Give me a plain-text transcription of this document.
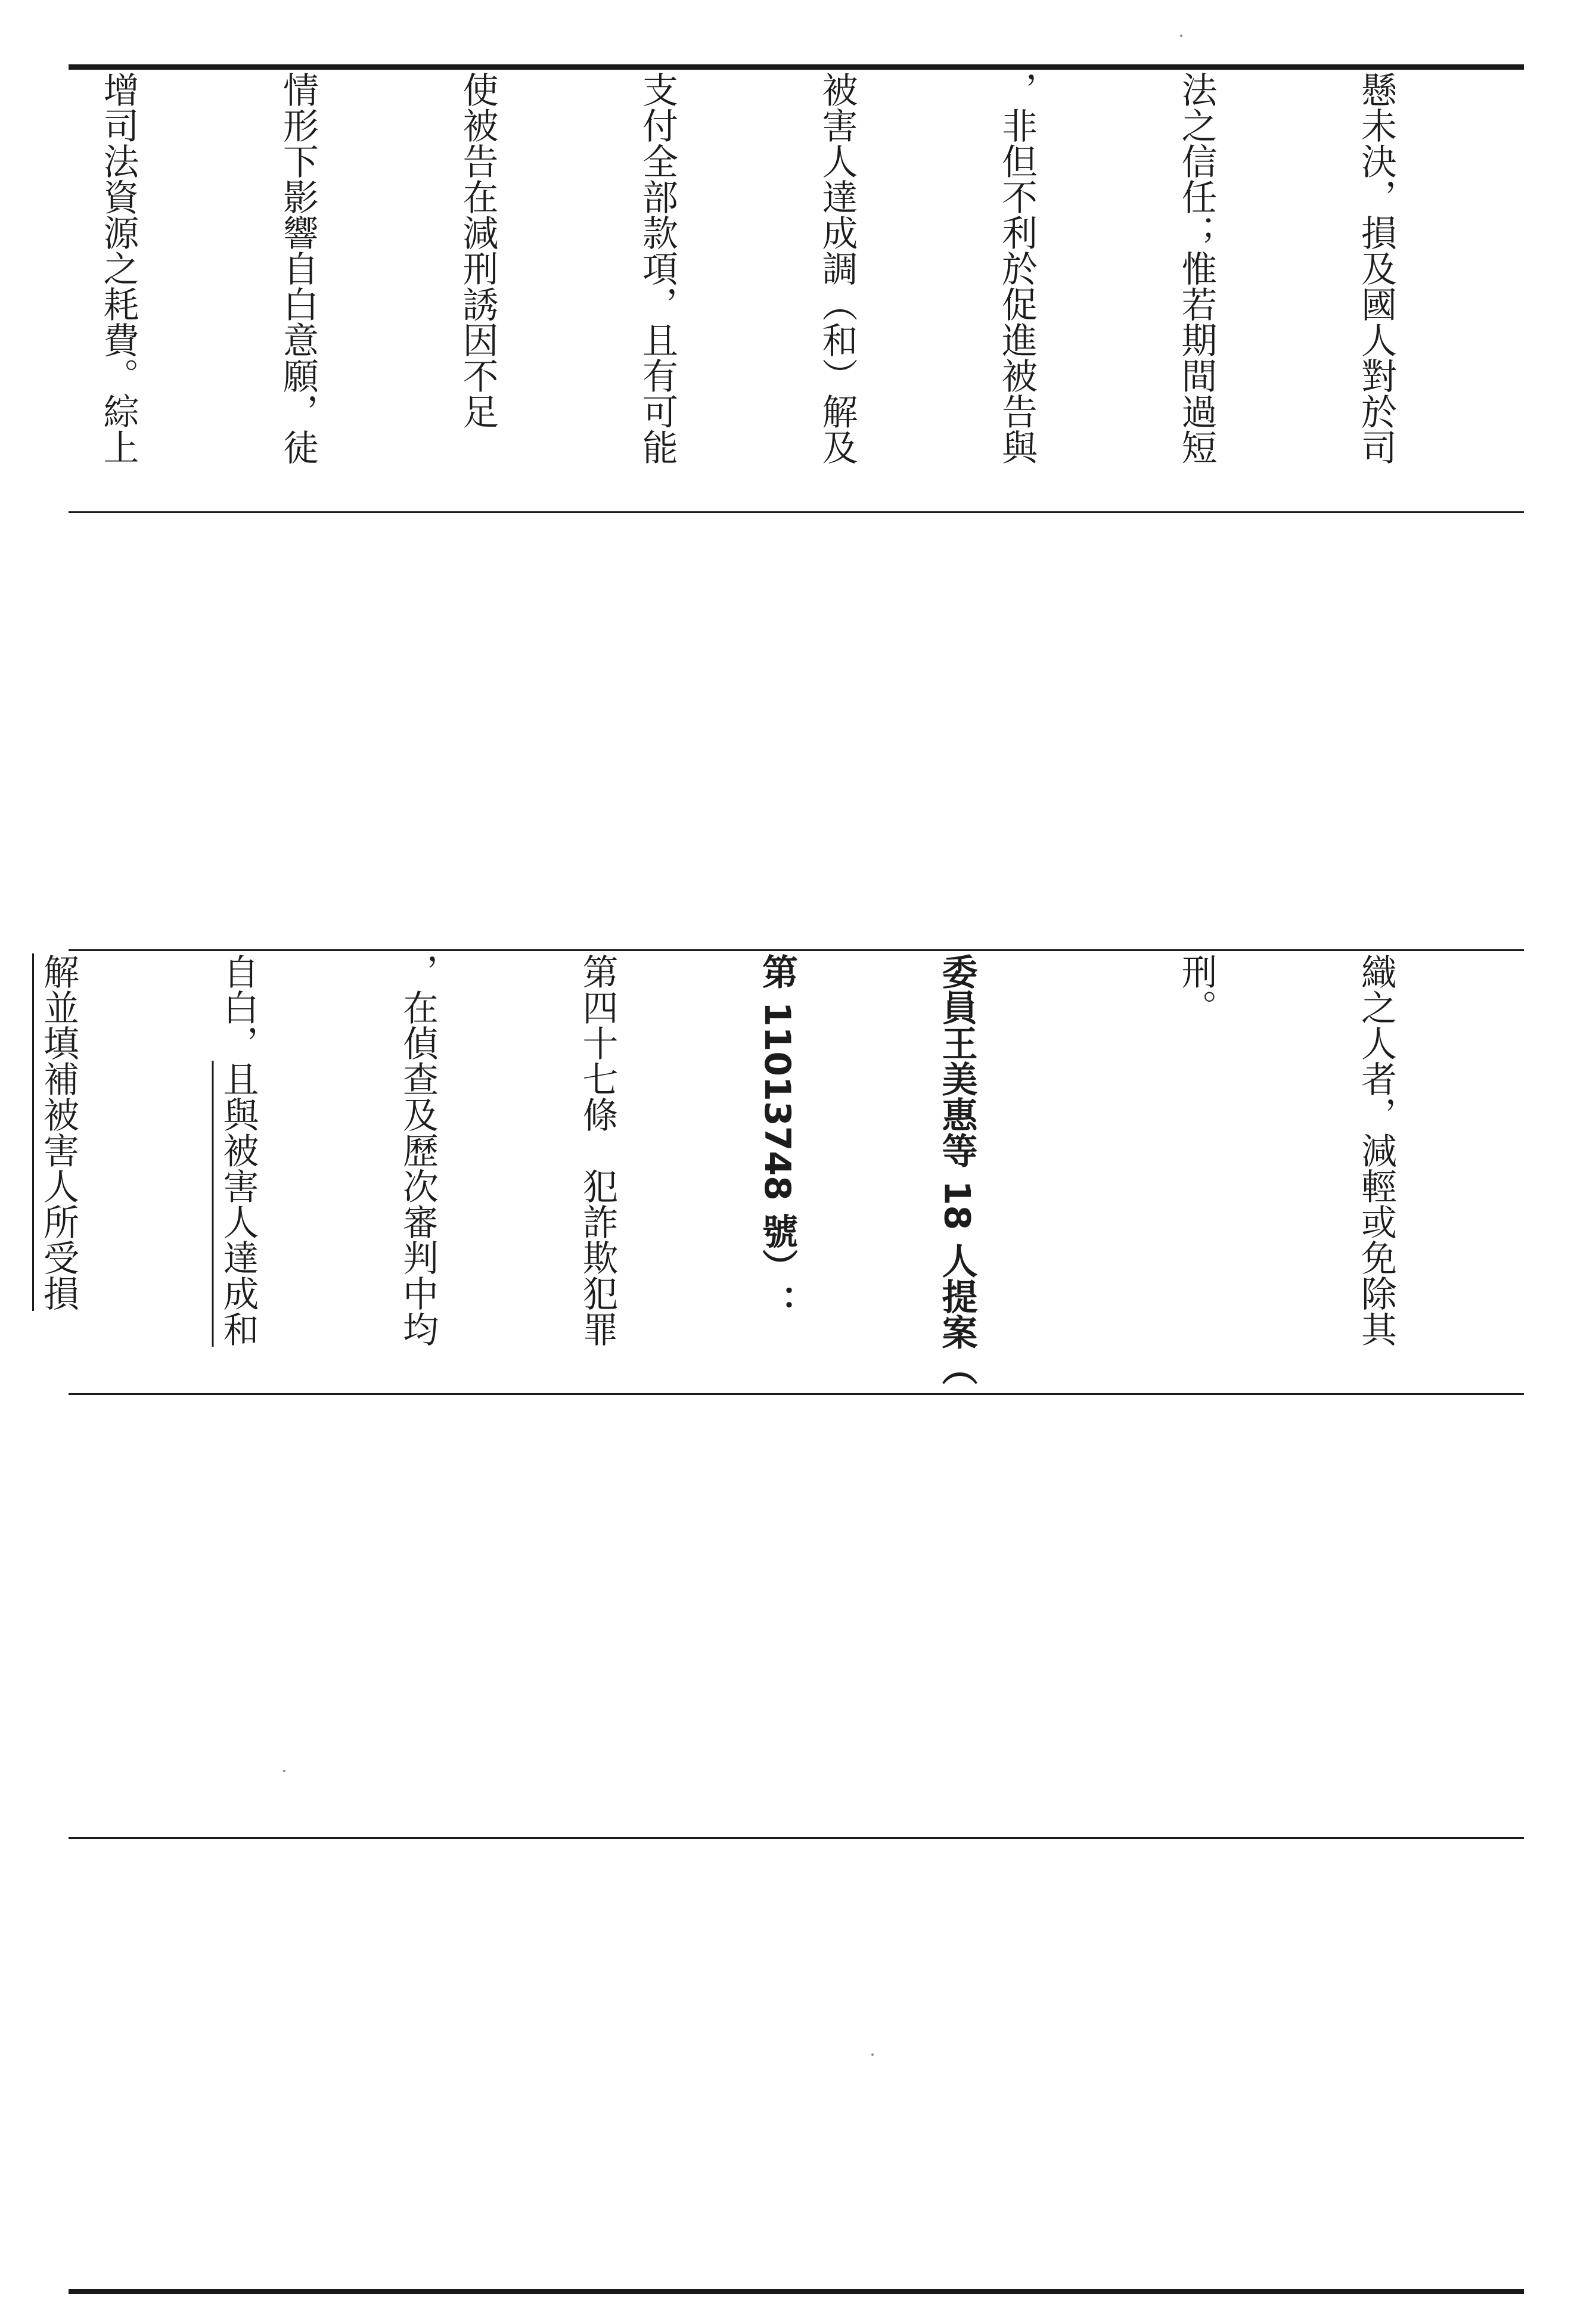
懸未決，損及國人對於司

法之信任；惟若期間過短

，非但不利於促進被告與

被害人達成調（和）解及

支付全部款項，且有可能

使被告在減刑誘因不足

情形下影響自白意願，徒

增司法資源之耗費。綜上

織之人者，減輕或免除其

刑。

委員王美惠等 18 人提案（

第 11013748 號）：

第四十七條　犯詐欺犯罪

，在偵查及歷次審判中均

自白，且與被害人達成和

解並填補被害人所受損
